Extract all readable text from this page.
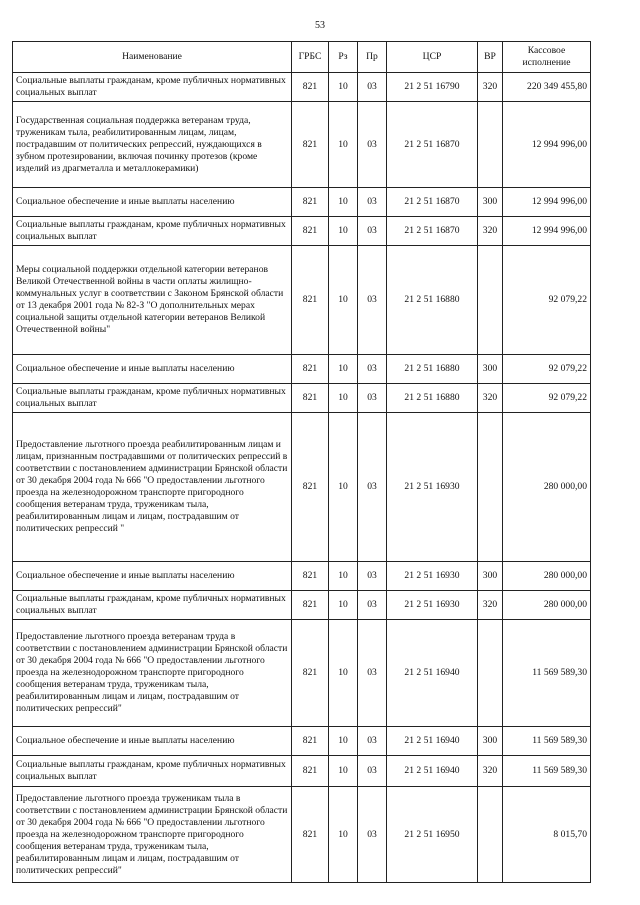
53
Наименование	ГРБС	Рз	Пр	ЦСР	ВР	Кассовое исполнение
Социальные выплаты гражданам, кроме публичных нормативных социальных выплат	821	10	03	21 2 51 16790	320	220 349 455,80
Государственная социальная поддержка ветеранам труда, труженикам тыла, реабилитированным лицам, лицам, пострадавшим от политических репрессий, нуждающихся в зубном протезировании, включая починку протезов (кроме изделий из драгметалла и металлокерамики)	821	10	03	21 2 51 16870		12 994 996,00
Социальное обеспечение и иные выплаты населению	821	10	03	21 2 51 16870	300	12 994 996,00
Социальные выплаты гражданам, кроме публичных нормативных социальных выплат	821	10	03	21 2 51 16870	320	12 994 996,00
Меры социальной поддержки отдельной категории ветеранов Великой Отечественной войны в части оплаты жилищно-коммунальных услуг в соответствии с Законом Брянской области от 13 декабря 2001 года № 82-З "О дополнительных мерах социальной защиты отдельной категории ветеранов Великой Отечественной войны"	821	10	03	21 2 51 16880		92 079,22
Социальное обеспечение и иные выплаты населению	821	10	03	21 2 51 16880	300	92 079,22
Социальные выплаты гражданам, кроме публичных нормативных социальных выплат	821	10	03	21 2 51 16880	320	92 079,22
Предоставление льготного проезда реабилитированным лицам и лицам, признанным пострадавшими от политических репрессий в соответствии с постановлением администрации Брянской области от 30 декабря 2004 года № 666 "О предоставлении льготного проезда на железнодорожном транспорте пригородного сообщения ветеранам труда, труженикам тыла, реабилитированным лицам и лицам, пострадавшим от политических репрессий "	821	10	03	21 2 51 16930		280 000,00
Социальное обеспечение и иные выплаты населению	821	10	03	21 2 51 16930	300	280 000,00
Социальные выплаты гражданам, кроме публичных нормативных социальных выплат	821	10	03	21 2 51 16930	320	280 000,00
Предоставление льготного проезда ветеранам труда в соответствии с постановлением администрации Брянской области от 30 декабря 2004 года № 666 "О предоставлении льготного проезда на железнодорожном транспорте пригородного сообщения ветеранам труда, труженикам тыла, реабилитированным лицам и лицам, пострадавшим от политических репрессий"	821	10	03	21 2 51 16940		11 569 589,30
Социальное обеспечение и иные выплаты населению	821	10	03	21 2 51 16940	300	11 569 589,30
Социальные выплаты гражданам, кроме публичных нормативных социальных выплат	821	10	03	21 2 51 16940	320	11 569 589,30
Предоставление льготного проезда труженикам тыла в соответствии с постановлением администрации Брянской области от 30 декабря 2004 года № 666 "О предоставлении льготного проезда на железнодорожном транспорте пригородного сообщения ветеранам труда, труженикам тыла, реабилитированным лицам и лицам, пострадавшим от политических репрессий"	821	10	03	21 2 51 16950		8 015,70
